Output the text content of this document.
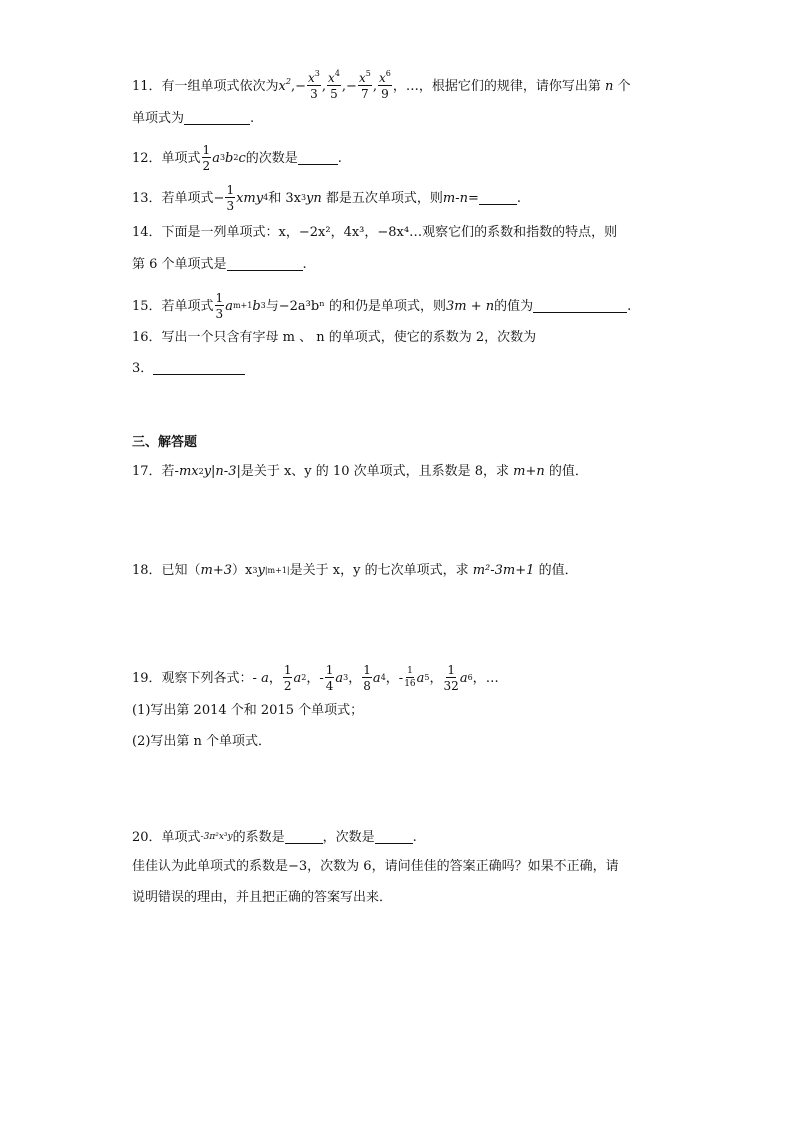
11．有一组单项式依次为 $x^2$ ,− $\frac{x^3}{3}$ , $\frac{x^4}{5}$ ,− $\frac{x^5}{7}$ , $\frac{x^6}{9}$ ，…，根据它们的规律，请你写出第
n
个
单项式为	.
12．单项式 $\frac{1}{2}$ a 3 b 2 c 的次数是	.
13．若单项式− $\frac{1}{3}$ xmy 4 和 3x 3 yn
都是五次单项式，则 m-n =	.
14．下面是一列单项式：x，−2x²，4x³，−8x⁴…观察它们的系数和指数的特点，则
第 6 个单项式是	.
15．若单项式 $\frac{1}{3}$ a m+1 b 3 与−2a³bⁿ 的和仍是单项式，则 3m + n 的值为	.
16．写出一个只含有字母 m 、 n 的单项式，使它的系数为 2，次数为
3．
三、解答题
17．若- mx 2 y|n-3| 是关于 x、y 的 10 次单项式，且系数是 8，求
m+n
的值．
18．已知（ m+3 ）x 3 y |m+1| 是关于 x，y 的七次单项式，求
m²-3m+1
的值．
19．观察下列各式： - a ， $\frac{1}{2}$ a 2 ， - $\frac{1}{4}$ a 3 ， $\frac{1}{8}$ a 4 ， - $\frac{1}{16}$ a 5 ， $\frac{1}{32}$ a 6 ， …
(1)写出第 2014 个和 2015 个单项式；
(2)写出第 n 个单项式．
20．单项式 -3π²x³y 的系数是	，次数是	.
佳佳认为此单项式的系数是−3，次数为 6，请问佳佳的答案正确吗？如果不正确，请
说明错误的理由，并且把正确的答案写出来．
